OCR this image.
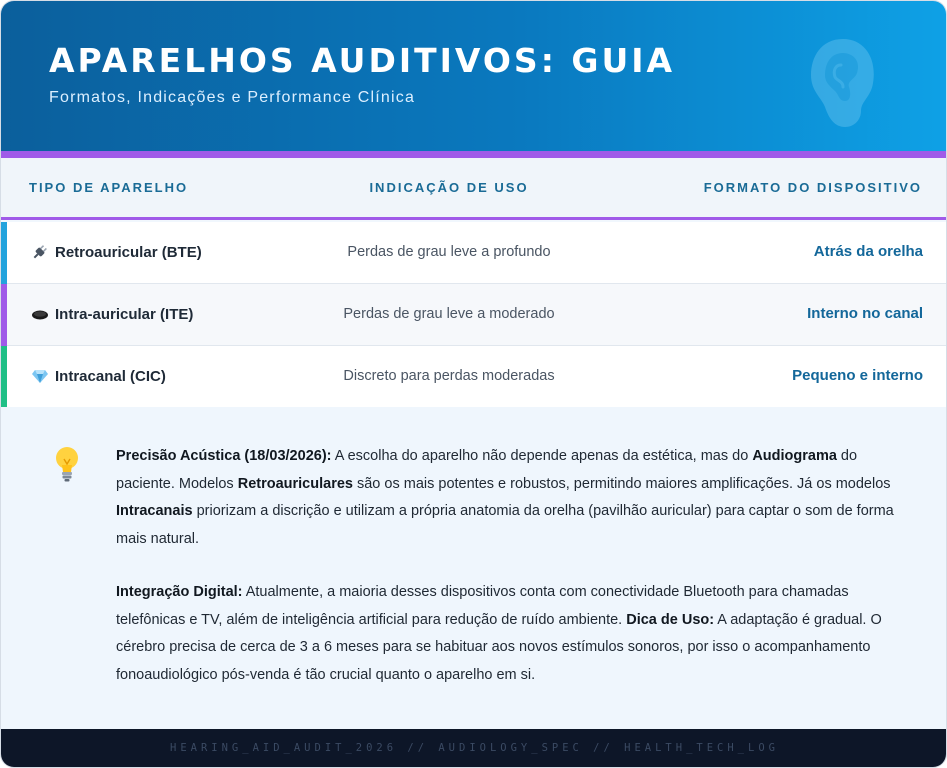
APARELHOS AUDITIVOS: GUIA
Formatos, Indicações e Performance Clínica
TIPO DE APARELHO	INDICAÇÃO DE USO	FORMATO DO DISPOSITIVO
Retroauricular (BTE)	Perdas de grau leve a profundo	Atrás da orelha
Intra-auricular (ITE)	Perdas de grau leve a moderado	Interno no canal
Intracanal (CIC)	Discreto para perdas moderadas	Pequeno e interno

Precisão Acústica (18/03/2026): A escolha do aparelho não depende apenas da estética, mas do Audiograma do paciente. Modelos Retroauriculares são os mais potentes e robustos, permitindo maiores amplificações. Já os modelos Intracanais priorizam a discrição e utilizam a própria anatomia da orelha (pavilhão auricular) para captar o som de forma mais natural.

Integração Digital: Atualmente, a maioria desses dispositivos conta com conectividade Bluetooth para chamadas telefônicas e TV, além de inteligência artificial para redução de ruído ambiente. Dica de Uso: A adaptação é gradual. O cérebro precisa de cerca de 3 a 6 meses para se habituar aos novos estímulos sonoros, por isso o acompanhamento fonoaudiológico pós-venda é tão crucial quanto o aparelho em si.

HEARING_AID_AUDIT_2026 // AUDIOLOGY_SPEC // HEALTH_TECH_LOG
